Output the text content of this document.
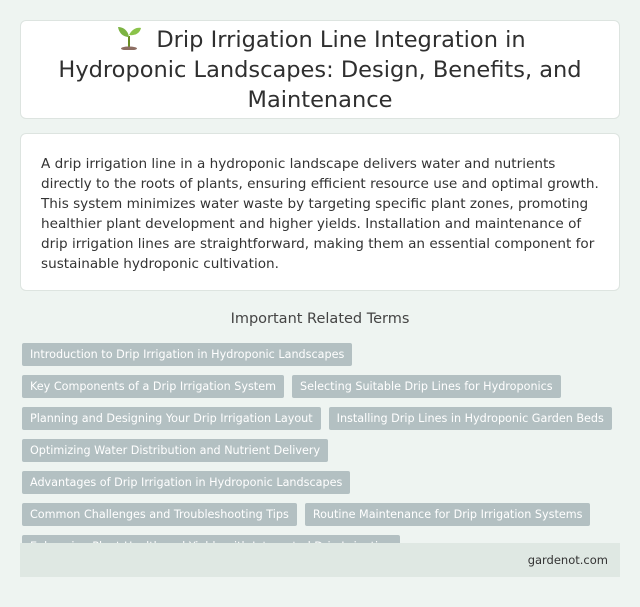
Drip Irrigation Line Integration in Hydroponic Landscapes: Design, Benefits, and Maintenance

A drip irrigation line in a hydroponic landscape delivers water and nutrients directly to the roots of plants, ensuring efficient resource use and optimal growth. This system minimizes water waste by targeting specific plant zones, promoting healthier plant development and higher yields. Installation and maintenance of drip irrigation lines are straightforward, making them an essential component for sustainable hydroponic cultivation.

Important Related Terms
Introduction to Drip Irrigation in Hydroponic Landscapes
Key Components of a Drip Irrigation System	Selecting Suitable Drip Lines for Hydroponics
Planning and Designing Your Drip Irrigation Layout	Installing Drip Lines in Hydroponic Garden Beds
Optimizing Water Distribution and Nutrient Delivery
Advantages of Drip Irrigation in Hydroponic Landscapes
Common Challenges and Troubleshooting Tips	Routine Maintenance for Drip Irrigation Systems
gardenot.com
